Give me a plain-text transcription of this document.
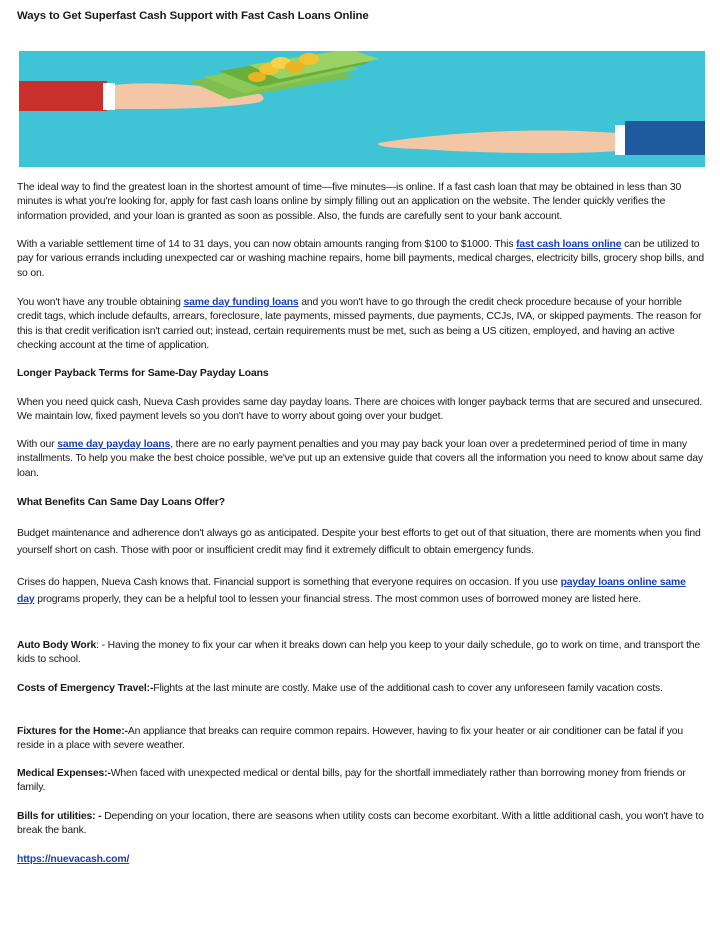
Ways to Get Superfast Cash Support with Fast Cash Loans Online

The ideal way to find the greatest loan in the shortest amount of time—five minutes—is online. If a fast cash loan that may be obtained in less than 30 minutes is what you're looking for, apply for fast cash loans online by simply filling out an application on the website. The lender quickly verifies the information provided, and your loan is granted as soon as possible. Also, the funds are carefully sent to your bank account.

With a variable settlement time of 14 to 31 days, you can now obtain amounts ranging from $100 to $1000. This fast cash loans online can be utilized to pay for various errands including unexpected car or washing machine repairs, home bill payments, medical charges, electricity bills, grocery shop bills, and so on.

You won't have any trouble obtaining same day funding loans and you won't have to go through the credit check procedure because of your horrible credit tags, which include defaults, arrears, foreclosure, late payments, missed payments, due payments, CCJs, IVA, or skipped payments. The reason for this is that credit verification isn't carried out; instead, certain requirements must be met, such as being a US citizen, employed, and having an active checking account at the time of application.

Longer Payback Terms for Same-Day Payday Loans

When you need quick cash, Nueva Cash provides same day payday loans. There are choices with longer payback terms that are secured and unsecured. We maintain low, fixed payment levels so you don't have to worry about going over your budget.

With our same day payday loans, there are no early payment penalties and you may pay back your loan over a predetermined period of time in many installments. To help you make the best choice possible, we've put up an extensive guide that covers all the information you need to know about same day loan.

What Benefits Can Same Day Loans Offer?

Budget maintenance and adherence don't always go as anticipated. Despite your best efforts to get out of that situation, there are moments when you find yourself short on cash. Those with poor or insufficient credit may find it extremely difficult to obtain emergency funds.

Crises do happen, Nueva Cash knows that. Financial support is something that everyone requires on occasion. If you use payday loans online same day programs properly, they can be a helpful tool to lessen your financial stress. The most common uses of borrowed money are listed here.

Auto Body Work: - Having the money to fix your car when it breaks down can help you keep to your daily schedule, go to work on time, and transport the kids to school.

Costs of Emergency Travel:-Flights at the last minute are costly. Make use of the additional cash to cover any unforeseen family vacation costs.

Fixtures for the Home:-An appliance that breaks can require common repairs. However, having to fix your heater or air conditioner can be fatal if you reside in a place with severe weather.

Medical Expenses:-When faced with unexpected medical or dental bills, pay for the shortfall immediately rather than borrowing money from friends or family.

Bills for utilities: - Depending on your location, there are seasons when utility costs can become exorbitant. With a little additional cash, you won't have to break the bank.

https://nuevacash.com/
